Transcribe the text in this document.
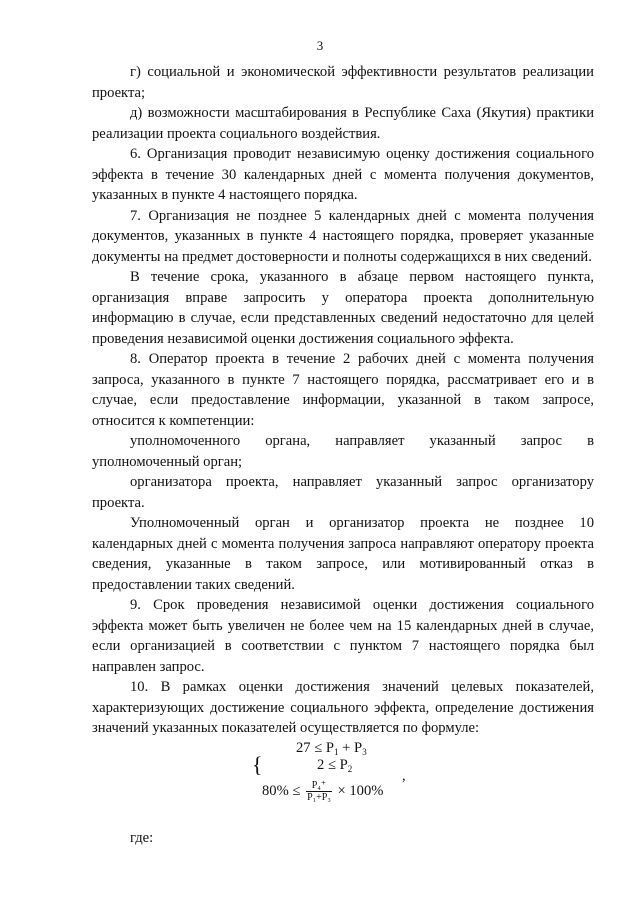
3

г) социальной и экономической эффективности результатов реализации проекта;

д) возможности масштабирования в Республике Саха (Якутия) практики реализации проекта социального воздействия.

6. Организация проводит независимую оценку достижения социального эффекта в течение 30 календарных дней с момента получения документов, указанных в пункте 4 настоящего порядка.

7. Организация не позднее 5 календарных дней с момента получения документов, указанных в пункте 4 настоящего порядка, проверяет указанные документы на предмет достоверности и полноты содержащихся в них сведений.

В течение срока, указанного в абзаце первом настоящего пункта, организация вправе запросить у оператора проекта дополнительную информацию в случае, если представленных сведений недостаточно для целей проведения независимой оценки достижения социального эффекта.

8. Оператор проекта в течение 2 рабочих дней с момента получения запроса, указанного в пункте 7 настоящего порядка, рассматривает его и в случае, если предоставление информации, указанной в таком запросе, относится к компетенции:

уполномоченного органа, направляет указанный запрос в уполномоченный орган;

организатора проекта, направляет указанный запрос организатору проекта.

Уполномоченный орган и организатор проекта не позднее 10 календарных дней с момента получения запроса направляют оператору проекта сведения, указанные в таком запросе, или мотивированный отказ в предоставлении таких сведений.

9. Срок проведения независимой оценки достижения социального эффекта может быть увеличен не более чем на 15 календарных дней в случае, если организацией в соответствии с пунктом 7 настоящего порядка был направлен запрос.

10. В рамках оценки достижения значений целевых показателей, характеризующих достижение социального эффекта, определение достижения значений указанных показателей осуществляется по формуле:

{
$27 \le P_1 + P_3$
$2 \le P_2$
$80\% \le \frac{\text{P₄⁺}}{\text{P₁+P₃}} \times 100\%$
,
где:
